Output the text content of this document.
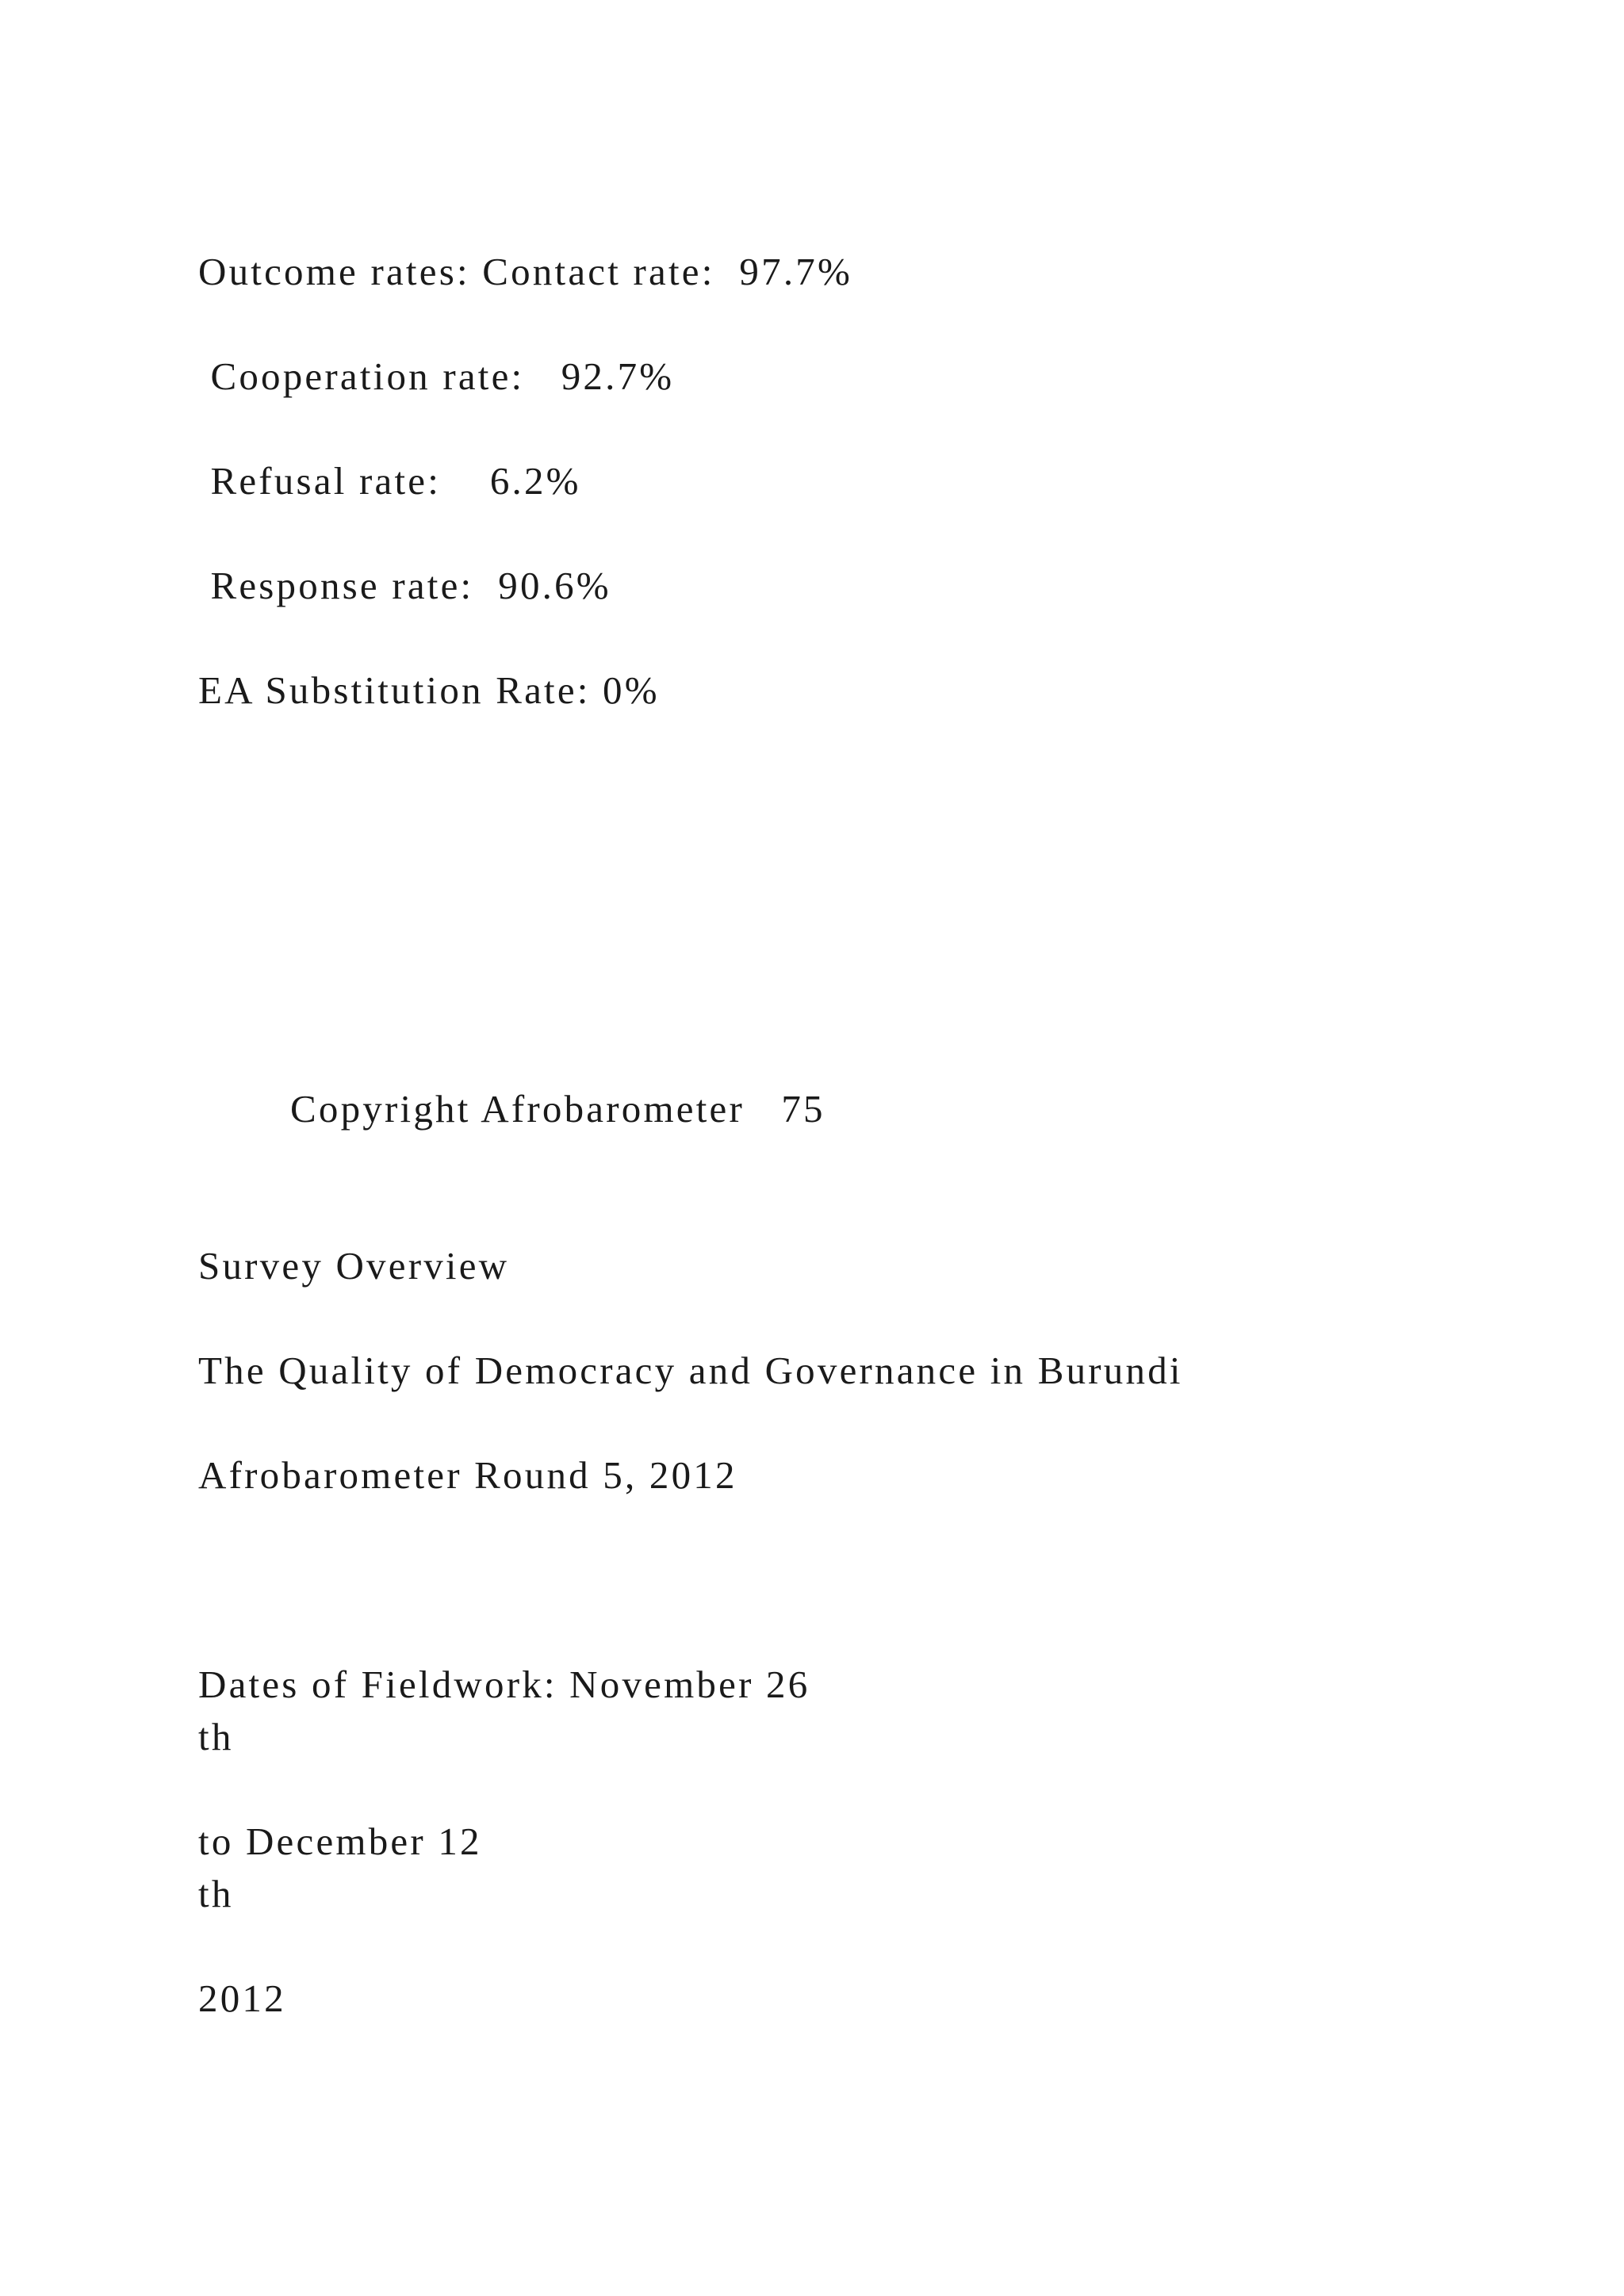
Outcome rates: Contact rate:  97.7%
Cooperation rate:   92.7%
Refusal rate:    6.2%
Response rate:  90.6%
EA Substitution Rate: 0%
Copyright Afrobarometer   75
Survey Overview
The Quality of Democracy and Governance in Burundi
Afrobarometer Round 5, 2012
Dates of Fieldwork: November 26
th
to December 12
th
2012
